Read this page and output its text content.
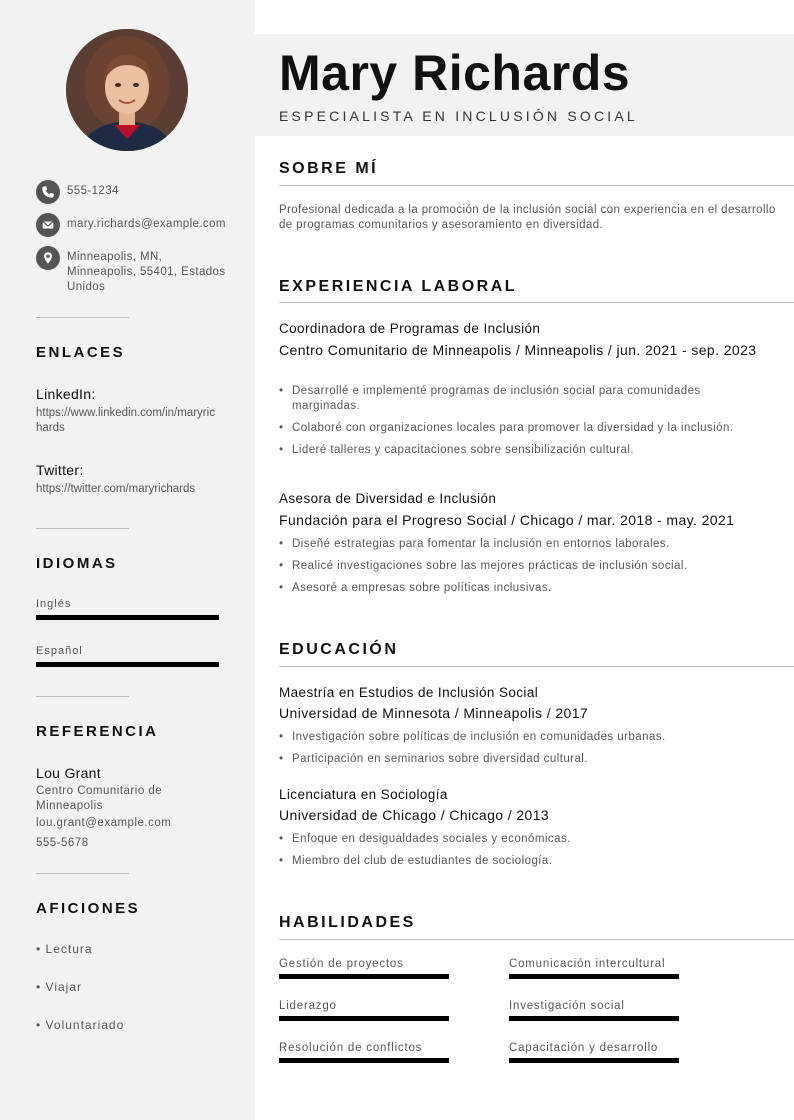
555-1234
mary.richards@example.com
Minneapolis, MN, Minneapolis, 55401, Estados Unidos
ENLACES
LinkedIn:
https://www.linkedin.com/in/maryrichards
Twitter:
https://twitter.com/maryrichards
IDIOMAS
Inglés
Español
REFERENCIA
Lou Grant
Centro Comunitario de Minneapolis
lou.grant@example.com
555-5678
AFICIONES
• Lectura
• Viajar
• Voluntariado
Mary Richards
ESPECIALISTA EN INCLUSIÓN SOCIAL
SOBRE MÍ

Profesional dedicada a la promoción de la inclusión social con experiencia en el desarrollo de programas comunitarios y asesoramiento en diversidad.

EXPERIENCIA LABORAL
Coordinadora de Programas de Inclusión
Centro Comunitario de Minneapolis / Minneapolis / jun. 2021 - sep. 2023
• Desarrollé e implementé programas de inclusión social para comunidades marginadas.
• Colaboré con organizaciones locales para promover la diversidad y la inclusión.
• Lideré talleres y capacitaciones sobre sensibilización cultural.
Asesora de Diversidad e Inclusión
Fundación para el Progreso Social / Chicago / mar. 2018 - may. 2021
• Diseñé estrategias para fomentar la inclusión en entornos laborales.
• Realicé investigaciones sobre las mejores prácticas de inclusión social.
• Asesoré a empresas sobre políticas inclusivas.
EDUCACIÓN
Maestría en Estudios de Inclusión Social
Universidad de Minnesota / Minneapolis / 2017
• Investigación sobre políticas de inclusión en comunidades urbanas.
• Participación en seminarios sobre diversidad cultural.
Licenciatura en Sociología
Universidad de Chicago / Chicago / 2013
• Enfoque en desigualdades sociales y económicas.
• Miembro del club de estudiantes de sociología.
HABILIDADES
Gestión de proyectos	Comunicación intercultural
Liderazgo	Investigación social
Resolución de conflictos	Capacitación y desarrollo
